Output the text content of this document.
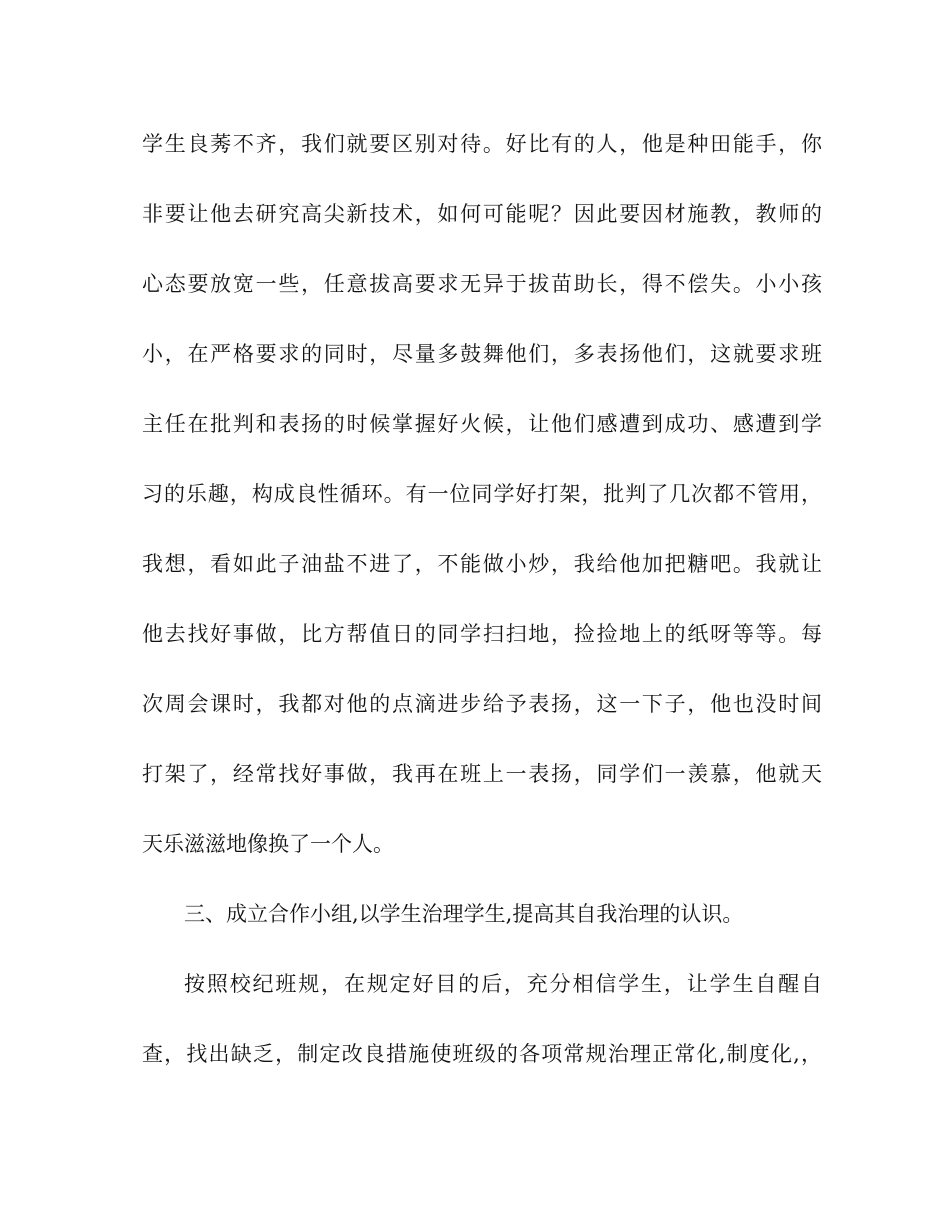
学生良莠不齐，我们就要区别对待。好比有的人，他是种田能手，你
非要让他去研究高尖新技术，如何可能呢？因此要因材施教，教师的
心态要放宽一些，任意拔高要求无异于拔苗助长，得不偿失。小小孩
小，在严格要求的同时，尽量多鼓舞他们，多表扬他们，这就要求班
主任在批判和表扬的时候掌握好火候，让他们感遭到成功、感遭到学
习的乐趣，构成良性循环。有一位同学好打架，批判了几次都不管用，
我想，看如此子油盐不进了，不能做小炒，我给他加把糖吧。我就让
他去找好事做，比方帮值日的同学扫扫地，捡捡地上的纸呀等等。每
次周会课时，我都对他的点滴进步给予表扬，这一下子，他也没时间
打架了，经常找好事做，我再在班上一表扬，同学们一羡慕，他就天
天乐滋滋地像换了一个人。
三、成立合作小组,以学生治理学生,提高其自我治理的认识。
按照校纪班规，在规定好目的后，充分相信学生，让学生自醒自
查，找出缺乏，制定改良措施使班级的各项常规治理正常化,制度化,，
